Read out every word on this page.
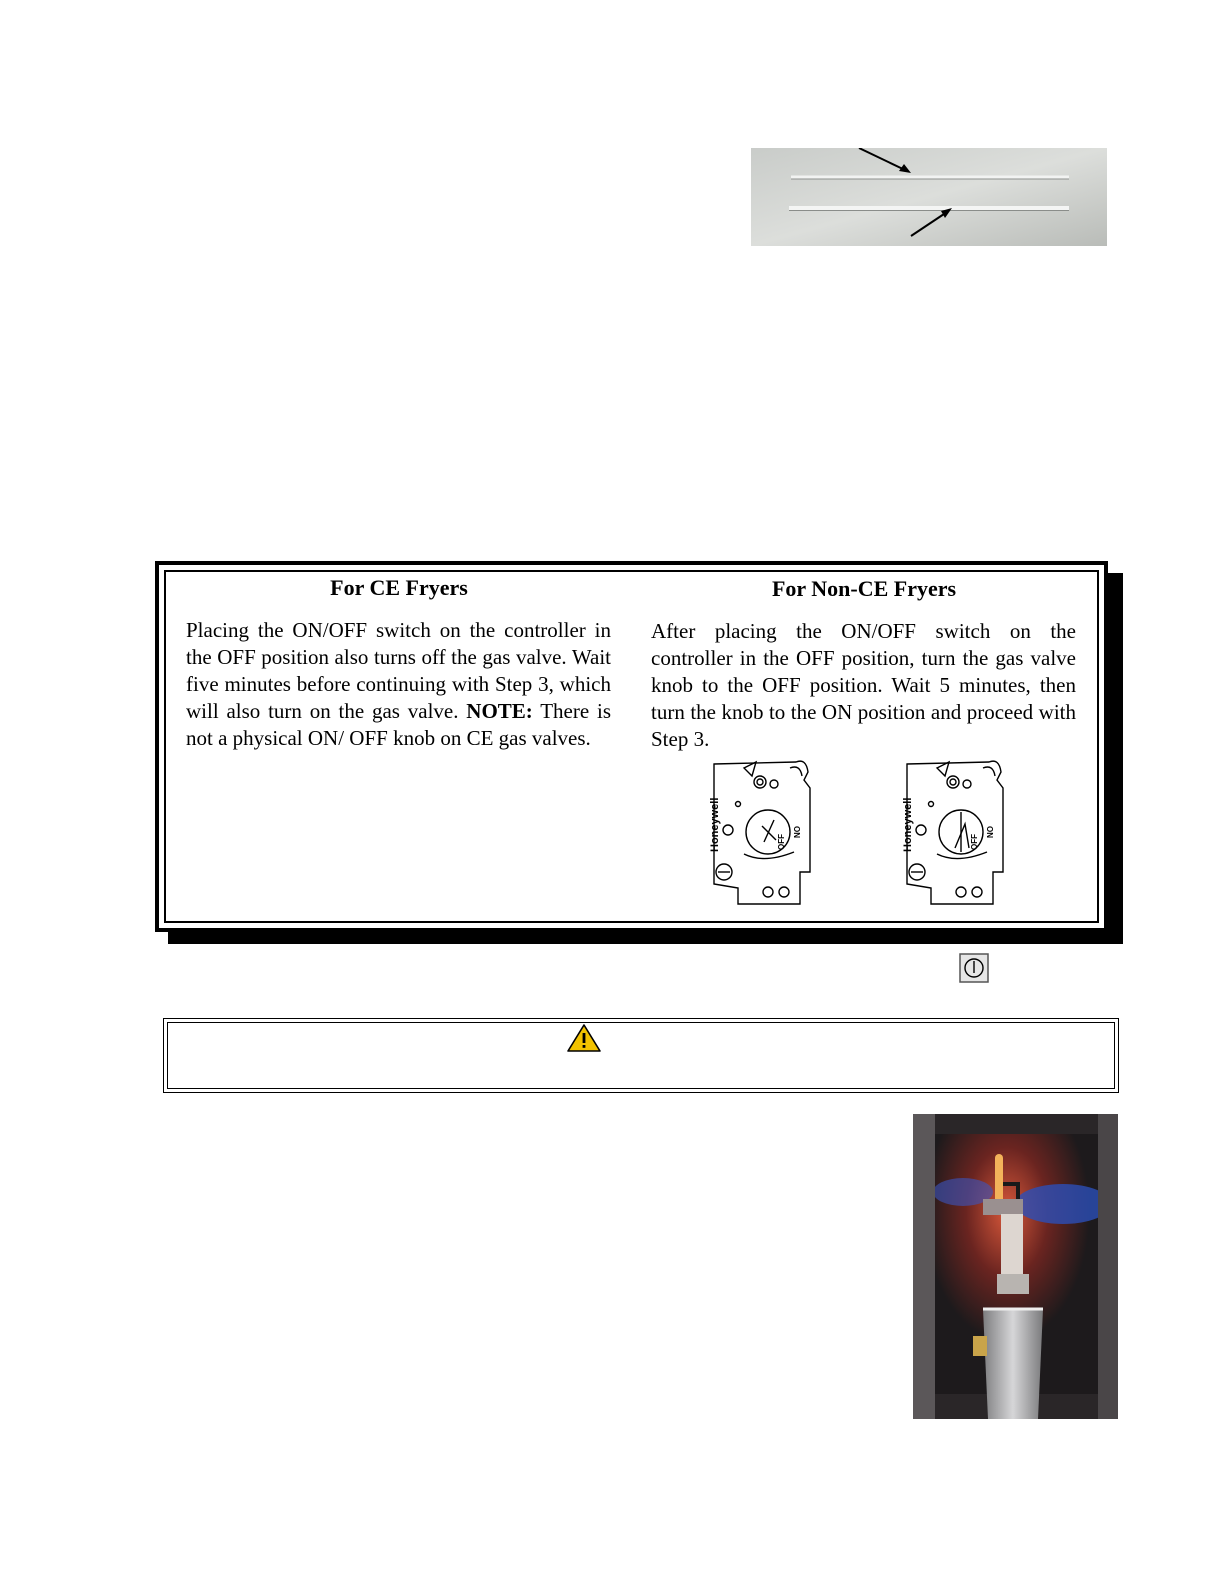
For CE Fryers
Placing the ON/OFF switch on the controller in the OFF position also turns off the gas valve. Wait five minutes before continuing with Step 3, which will also turn on the gas valve. NOTE: There is not a physical ON/ OFF knob on CE gas valves.
For Non-CE Fryers
After placing the ON/OFF switch on the controller in the OFF position, turn the gas valve knob to the OFF position. Wait 5 minutes, then turn the knob to the ON position and proceed with Step 3.
Honeywell	ON
OFF	Honeywell	ON
OFF
